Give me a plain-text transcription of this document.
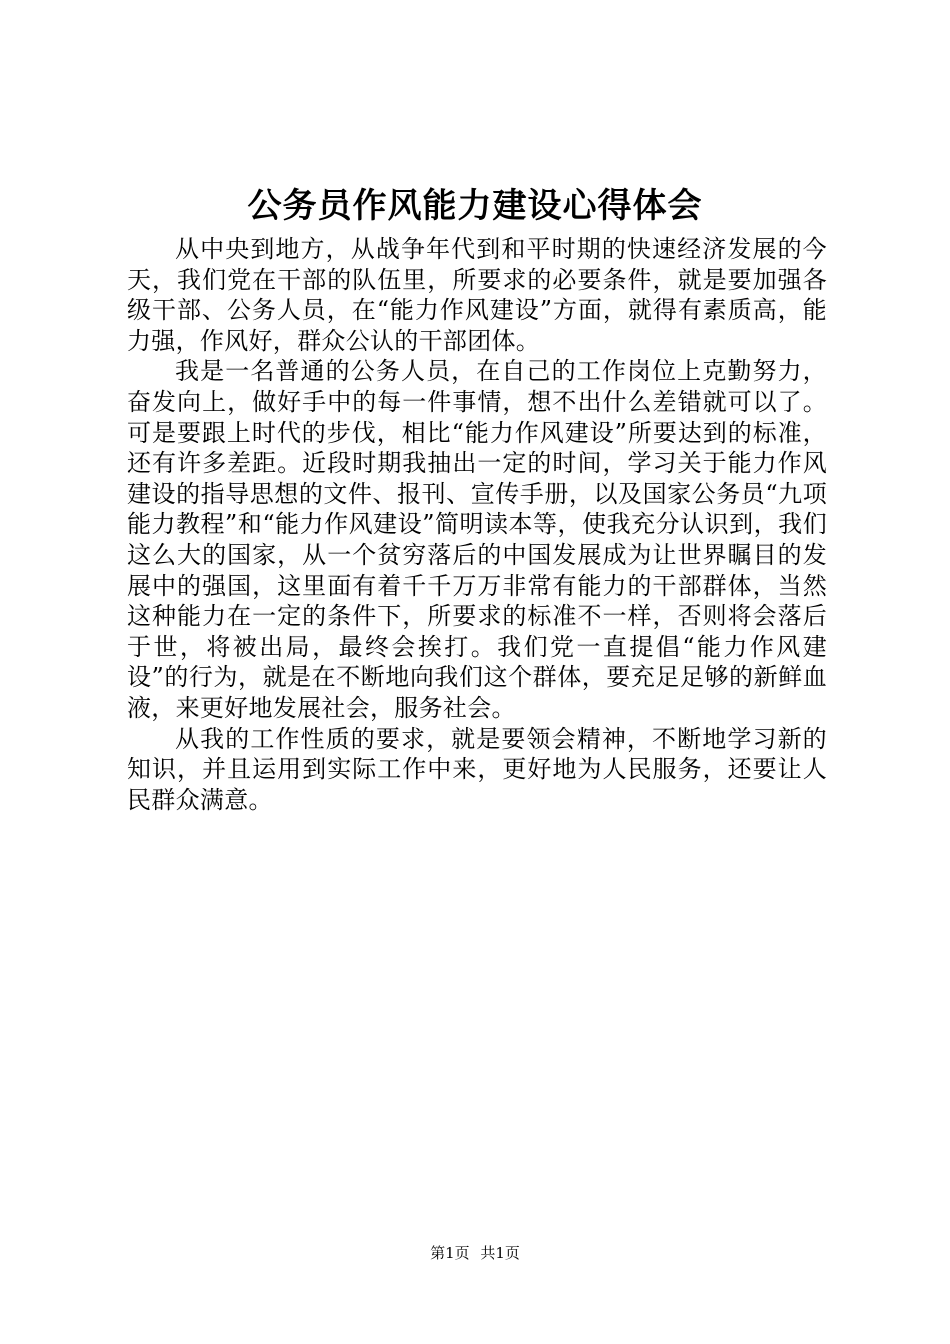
公务员作风能力建设心得体会

从中央到地方，从战争年代到和平时期的快速经济发展的今天，我们党在干部的队伍里，所要求的必要条件，就是要加强各级干部、公务人员，在“能力作风建设”方面，就得有素质高，能力强，作风好，群众公认的干部团体。

我是一名普通的公务人员，在自己的工作岗位上克勤努力，奋发向上，做好手中的每一件事情，想不出什么差错就可以了。可是要跟上时代的步伐，相比“能力作风建设”所要达到的标准，还有许多差距。近段时期我抽出一定的时间，学习关于能力作风建设的指导思想的文件、报刊、宣传手册，以及国家公务员“九项能力教程”和“能力作风建设”简明读本等，使我充分认识到，我们这么大的国家，从一个贫穷落后的中国发展成为让世界瞩目的发展中的强国，这里面有着千千万万非常有能力的干部群体，当然这种能力在一定的条件下，所要求的标准不一样，否则将会落后于世，将被出局，最终会挨打。我们党一直提倡“能力作风建设”的行为，就是在不断地向我们这个群体，要充足足够的新鲜血液，来更好地发展社会，服务社会。

从我的工作性质的要求，就是要领会精神，不断地学习新的知识，并且运用到实际工作中来，更好地为人民服务，还要让人民群众满意。

第1页 共1页
